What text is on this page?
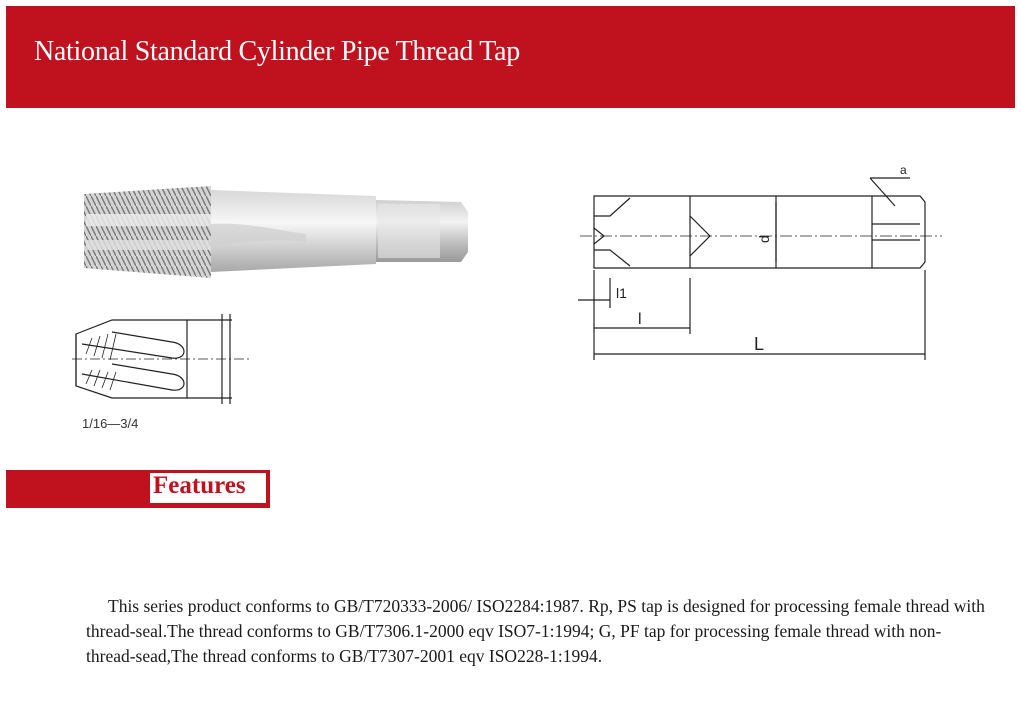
National Standard Cylinder Pipe Thread Tap
1/16—3/4
a
d
l1
l
L
Features
This series product conforms to GB/T720333-2006/ ISO2284:1987. Rp, PS tap is designed for processing female thread with thread-seal.The thread conforms to GB/T7306.1-2000 eqv ISO7-1:1994; G, PF tap for processing female thread with non-thread-sead,The thread conforms to GB/T7307-2001 eqv ISO228-1:1994.
